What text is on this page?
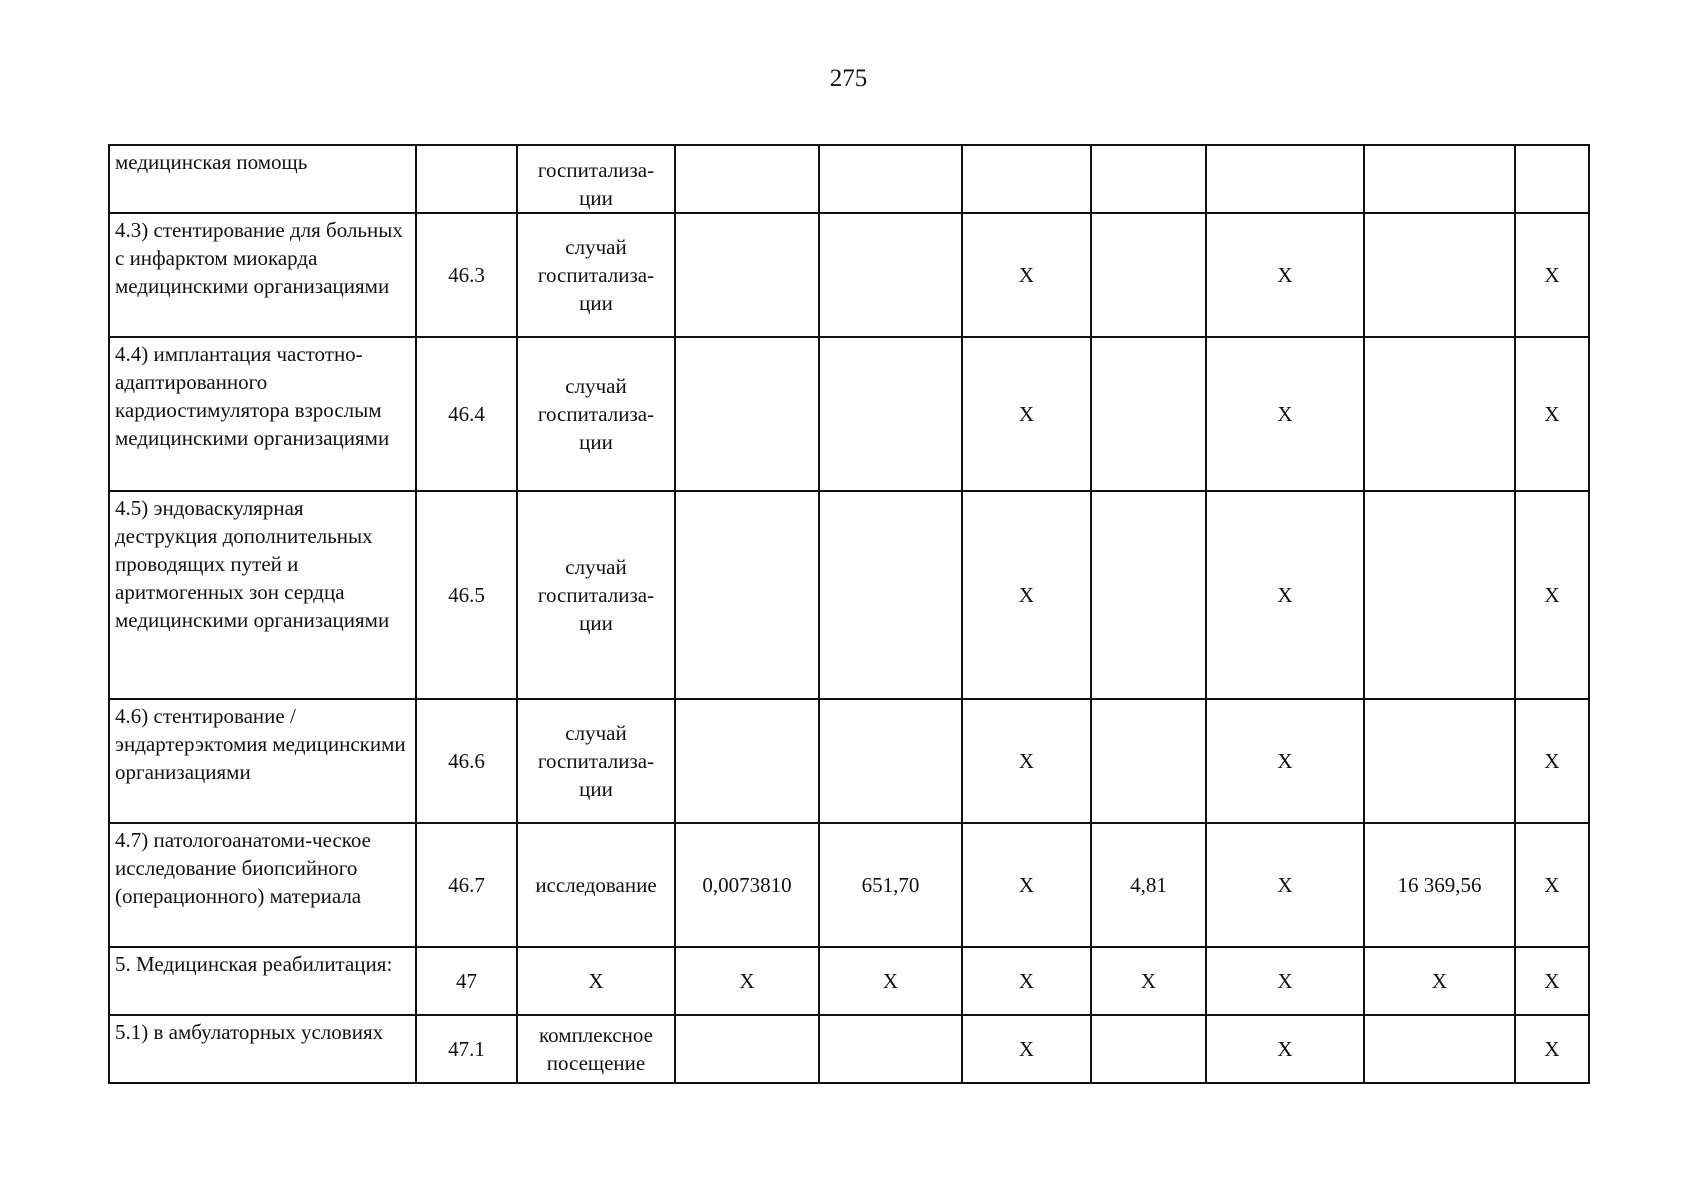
275
медицинская помощь		госпитализа-
ции							
4.3) стентирование для больных с инфарктом миокарда медицинскими организациями	46.3	случай
госпитализа-
ции			Х		Х		Х
4.4) имплантация частотно-адаптированного кардиостимулятора взрослым медицинскими организациями	46.4	случай
госпитализа-
ции			Х		Х		Х
4.5) эндоваскулярная деструкция дополнительных проводящих путей и аритмогенных зон сердца медицинскими организациями	46.5	случай
госпитализа-
ции			Х		Х		Х
4.6) стентирование / эндартерэктомия медицинскими организациями	46.6	случай
госпитализа-
ции			Х		Х		Х
4.7) патологоанатоми-ческое исследование биопсийного (операционного) материала	46.7	исследование	0,0073810	651,70	Х	4,81	Х	16 369,56	Х
5. Медицинская реабилитация:	47	Х	Х	Х	Х	Х	Х	Х	Х
5.1) в амбулаторных условиях	47.1	комплексное
посещение			Х		Х		Х
